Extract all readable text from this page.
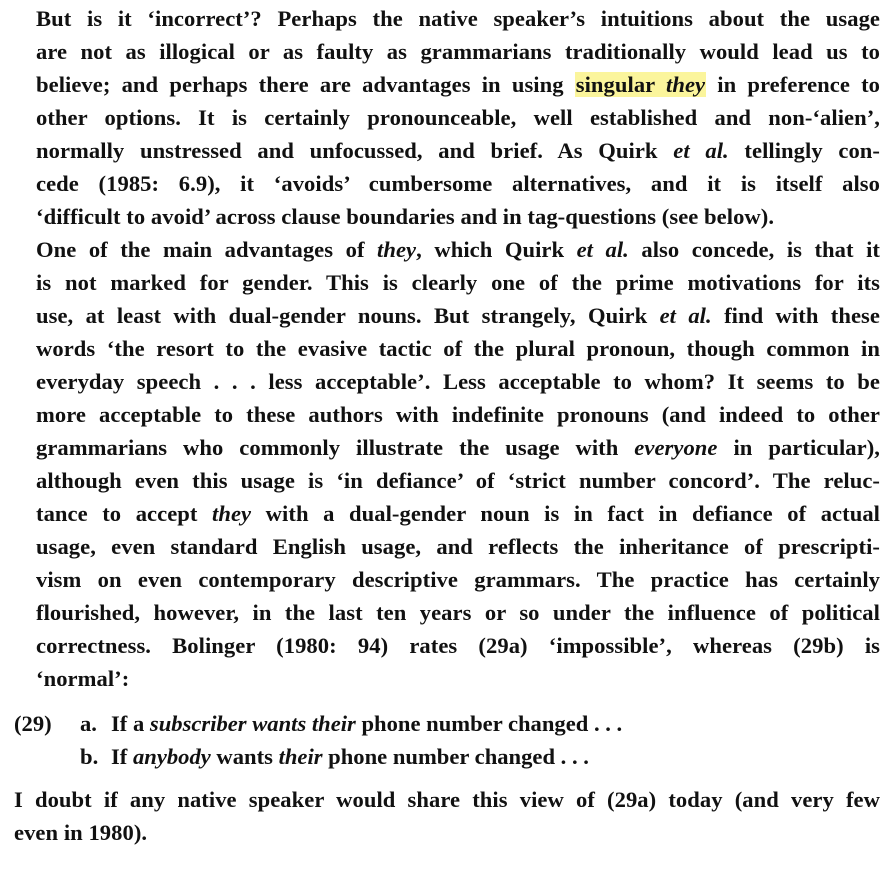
But is it ‘incorrect’? Perhaps the native speaker’s intuitions about the usage
are not as illogical or as faulty as grammarians traditionally would lead us to
believe; and perhaps there are advantages in using singular they in preference to
other options. It is certainly pronounceable, well established and non-‘alien’,
normally unstressed and unfocussed, and brief. As Quirk et al. tellingly con-
cede (1985: 6.9), it ‘avoids’ cumbersome alternatives, and it is itself also
‘difficult to avoid’ across clause boundaries and in tag-questions (see below).

One of the main advantages of they, which Quirk et al. also concede, is that it
is not marked for gender. This is clearly one of the prime motivations for its
use, at least with dual-gender nouns. But strangely, Quirk et al. find with these
words ‘the resort to the evasive tactic of the plural pronoun, though common in
everyday speech . . . less acceptable’. Less acceptable to whom? It seems to be
more acceptable to these authors with indefinite pronouns (and indeed to other
grammarians who commonly illustrate the usage with everyone in particular),
although even this usage is ‘in defiance’ of ‘strict number concord’. The reluc-
tance to accept they with a dual-gender noun is in fact in defiance of actual
usage, even standard English usage, and reflects the inheritance of prescripti-
vism on even contemporary descriptive grammars. The practice has certainly
flourished, however, in the last ten years or so under the influence of political
correctness. Bolinger (1980: 94) rates (29a) ‘impossible’, whereas (29b) is
‘normal’:

(29)	a. If a subscriber wants their phone number changed . . .
b. If anybody wants their phone number changed . . .

I doubt if any native speaker would share this view of (29a) today (and very few
even in 1980).
